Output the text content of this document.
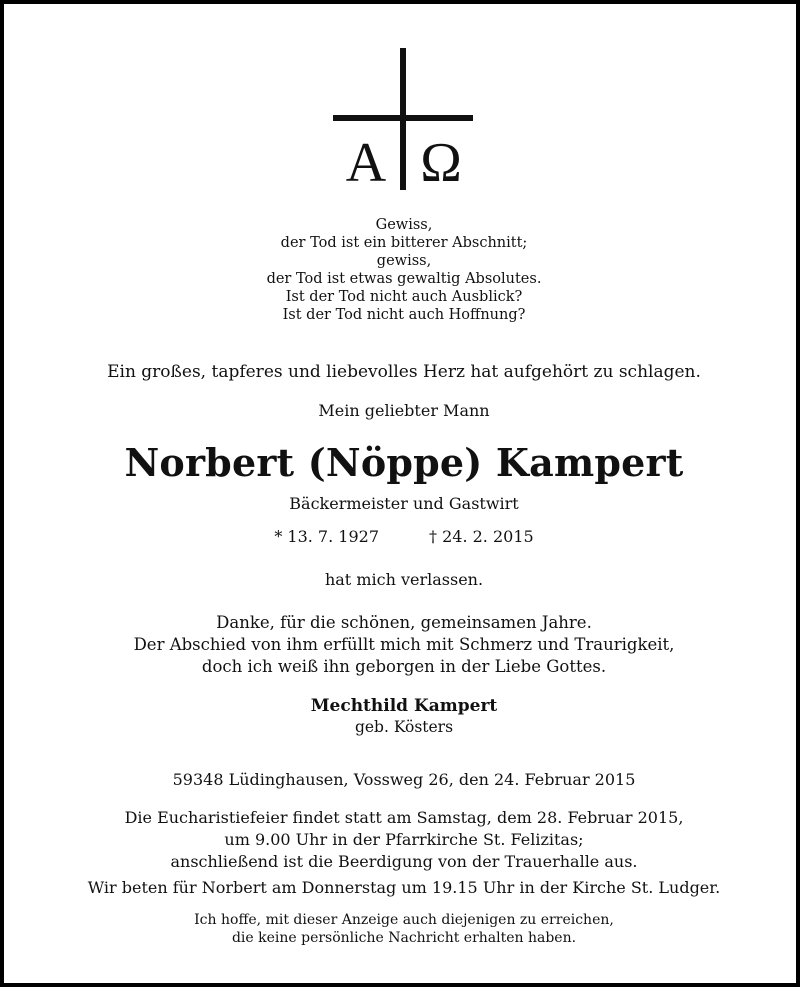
Α Ω
Gewiss,
der Tod ist ein bitterer Abschnitt;
gewiss,
der Tod ist etwas gewaltig Absolutes.
Ist der Tod nicht auch Ausblick?
Ist der Tod nicht auch Hoffnung?
Ein großes, tapferes und liebevolles Herz hat aufgehört zu schlagen.
Mein geliebter Mann
Norbert (Nöppe) Kampert
Bäckermeister und Gastwirt
* 13. 7. 1927	† 24. 2. 2015
hat mich verlassen.
Danke, für die schönen, gemeinsamen Jahre.
Der Abschied von ihm erfüllt mich mit Schmerz und Traurigkeit,
doch ich weiß ihn geborgen in der Liebe Gottes.
Mechthild Kampert
geb. Kösters
59348 Lüdinghausen, Vossweg 26, den 24. Februar 2015
Die Eucharistiefeier findet statt am Samstag, dem 28. Februar 2015,
um 9.00 Uhr in der Pfarrkirche St. Felizitas;
anschließend ist die Beerdigung von der Trauerhalle aus.
Wir beten für Norbert am Donnerstag um 19.15 Uhr in der Kirche St. Ludger.
Ich hoffe, mit dieser Anzeige auch diejenigen zu erreichen,
die keine persönliche Nachricht erhalten haben.
